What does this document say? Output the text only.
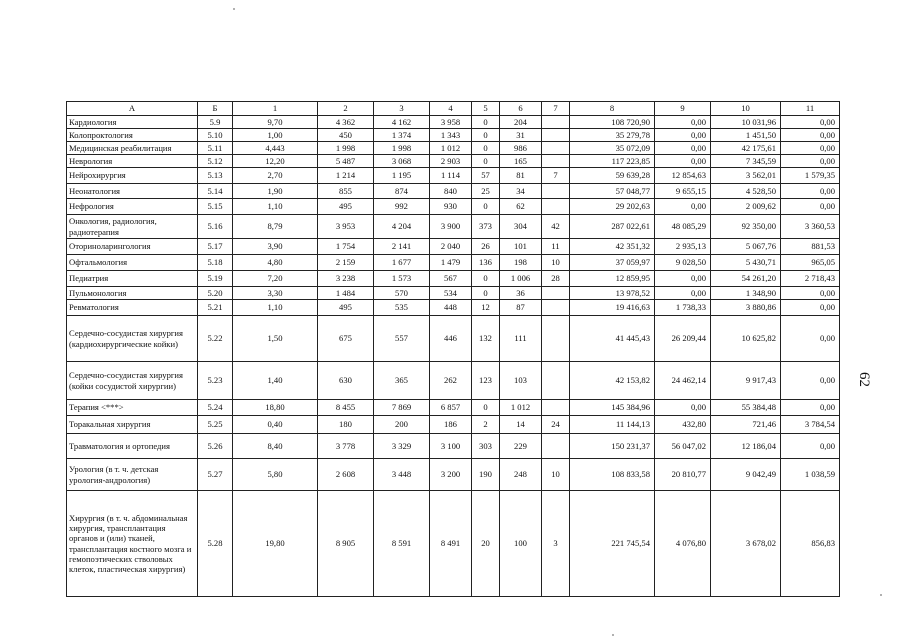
62
А	Б	1	2	3	4	5	6	7	8	9	10	11
Кардиология	5.9	9,70	4 362	4 162	3 958	0	204		108 720,90	0,00	10 031,96	0,00
Колопроктология	5.10	1,00	450	1 374	1 343	0	31		35 279,78	0,00	1 451,50	0,00
Медицинская реабилитация	5.11	4,443	1 998	1 998	1 012	0	986		35 072,09	0,00	42 175,61	0,00
Неврология	5.12	12,20	5 487	3 068	2 903	0	165		117 223,85	0,00	7 345,59	0,00
Нейрохирургия	5.13	2,70	1 214	1 195	1 114	57	81	7	59 639,28	12 854,63	3 562,01	1 579,35
Неонатология	5.14	1,90	855	874	840	25	34		57 048,77	9 655,15	4 528,50	0,00
Нефрология	5.15	1,10	495	992	930	0	62		29 202,63	0,00	2 009,62	0,00
Онкология, радиология, радиотерапия	5.16	8,79	3 953	4 204	3 900	373	304	42	287 022,61	48 085,29	92 350,00	3 360,53
Оториноларингология	5.17	3,90	1 754	2 141	2 040	26	101	11	42 351,32	2 935,13	5 067,76	881,53
Офтальмология	5.18	4,80	2 159	1 677	1 479	136	198	10	37 059,97	9 028,50	5 430,71	965,05
Педиатрия	5.19	7,20	3 238	1 573	567	0	1 006	28	12 859,95	0,00	54 261,20	2 718,43
Пульмонология	5.20	3,30	1 484	570	534	0	36		13 978,52	0,00	1 348,90	0,00
Ревматология	5.21	1,10	495	535	448	12	87		19 416,63	1 738,33	3 880,86	0,00
Сердечно-сосудистая хирургия (кардиохирургические койки)	5.22	1,50	675	557	446	132	111		41 445,43	26 209,44	10 625,82	0,00
Сердечно-сосудистая хирургия (койки сосудистой хирургии)	5.23	1,40	630	365	262	123	103		42 153,82	24 462,14	9 917,43	0,00
Терапия <***>	5.24	18,80	8 455	7 869	6 857	0	1 012		145 384,96	0,00	55 384,48	0,00
Торакальная хирургия	5.25	0,40	180	200	186	2	14	24	11 144,13	432,80	721,46	3 784,54
Травматология и ортопедия	5.26	8,40	3 778	3 329	3 100	303	229		150 231,37	56 047,02	12 186,04	0,00
Урология (в т. ч. детская урология-андрология)	5.27	5,80	2 608	3 448	3 200	190	248	10	108 833,58	20 810,77	9 042,49	1 038,59
Хирургия (в т. ч. абдоминальная хирургия, трансплантация органов и (или) тканей, трансплантация костного мозга и гемопоэтических стволовых клеток, пластическая хирургия)	5.28	19,80	8 905	8 591	8 491	20	100	3	221 745,54	4 076,80	3 678,02	856,83
